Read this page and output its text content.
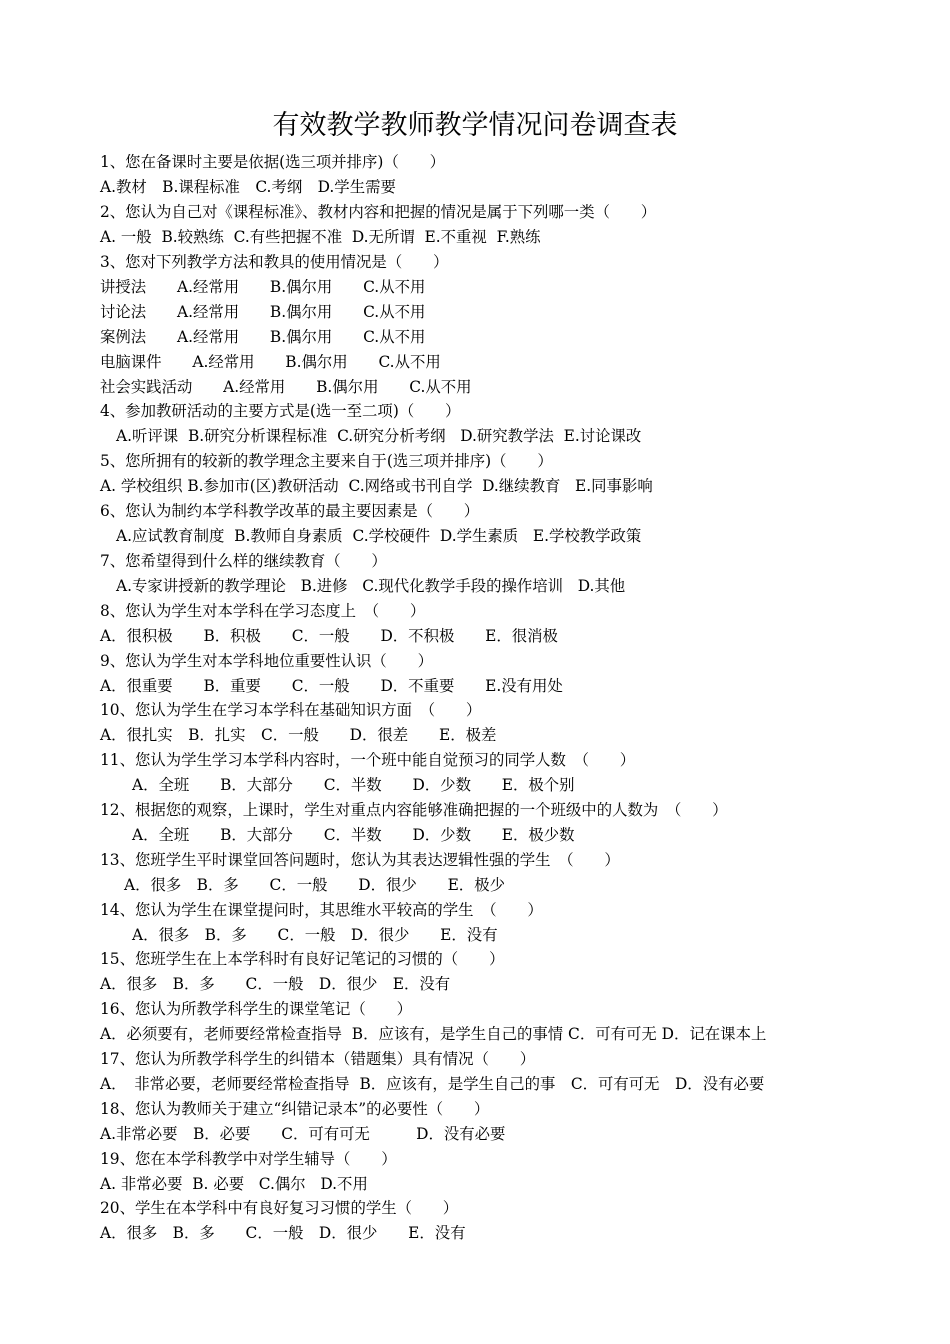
有效教学教师教学情况问卷调查表
1、您在备课时主要是依据(选三项并排序)（　　）
A.教材　B.课程标准　C.考纲　D.学生需要
2、您认为自己对《课程标准》、教材内容和把握的情况是属于下列哪一类（　　）
A. 一般  B.较熟练  C.有些把握不准  D.无所谓  E.不重视  F.熟练
3、您对下列教学方法和教具的使用情况是（　　）
讲授法　　A.经常用　　B.偶尔用　　C.从不用
讨论法　　A.经常用　　B.偶尔用　　C.从不用
案例法　　A.经常用　　B.偶尔用　　C.从不用
电脑课件　　A.经常用　　B.偶尔用　　C.从不用
社会实践活动　　A.经常用　　B.偶尔用　　C.从不用
4、参加教研活动的主要方式是(选一至二项)（　　）
A.听评课  B.研究分析课程标准  C.研究分析考纲   D.研究教学法  E.讨论课改
5、您所拥有的较新的教学理念主要来自于(选三项并排序)（　　）
A. 学校组织 B.参加市(区)教研活动  C.网络或书刊自学  D.继续教育   E.同事影响
6、您认为制约本学科教学改革的最主要因素是（　　）
A.应试教育制度  B.教师自身素质  C.学校硬件  D.学生素质   E.学校教学政策
7、您希望得到什么样的继续教育（　　）
A.专家讲授新的教学理论   B.进修   C.现代化教学手段的操作培训   D.其他
8、您认为学生对本学科在学习态度上　（　　）
A．很积极　　B．积极　　C．一般　　D．不积极　　E．很消极
9、您认为学生对本学科地位重要性认识（　　）
A．很重要　　B．重要　　C．一般　　D．不重要　　E.没有用处
10、您认为学生在学习本学科在基础知识方面　（　　）
A．很扎实　B．扎实　C．一般　　D．很差　　E．极差
11、您认为学生学习本学科内容时，一个班中能自觉预习的同学人数　（　　）
A．全班　　B．大部分　　C．半数　　D．少数　　E．极个别
12、根据您的观察，上课时，学生对重点内容能够准确把握的一个班级中的人数为　（　　）
A．全班　　B．大部分　　C．半数　　D．少数　　E．极少数
13、您班学生平时课堂回答问题时，您认为其表达逻辑性强的学生　（　　）
A．很多　B．多　　C．一般　　D．很少　　E．极少
14、您认为学生在课堂提问时，其思维水平较高的学生　（　　）
A．很多　B．多　　C．一般　D．很少　　E．没有
15、您班学生在上本学科时有良好记笔记的习惯的（　　）
A．很多　B．多　　C．一般　D．很少　E．没有
16、您认为所教学科学生的课堂笔记（　　）
A．必须要有，老师要经常检查指导  B．应该有，是学生自己的事情 C．可有可无 D．记在课本上
17、您认为所教学科学生的纠错本（错题集）具有情况（　　）
A．　非常必要，老师要经常检查指导  B．应该有，是学生自己的事　C．可有可无　D．没有必要
18、您认为教师关于建立“纠错记录本”的必要性（　　）
A.非常必要　B．必要　　C．可有可无　　　D．没有必要
19、您在本学科教学中对学生辅导（　　）
A. 非常必要  B. 必要   C.偶尔   D.不用
20、学生在本学科中有良好复习习惯的学生（　　）
A．很多　B．多　　C．一般　D．很少　　E．没有
